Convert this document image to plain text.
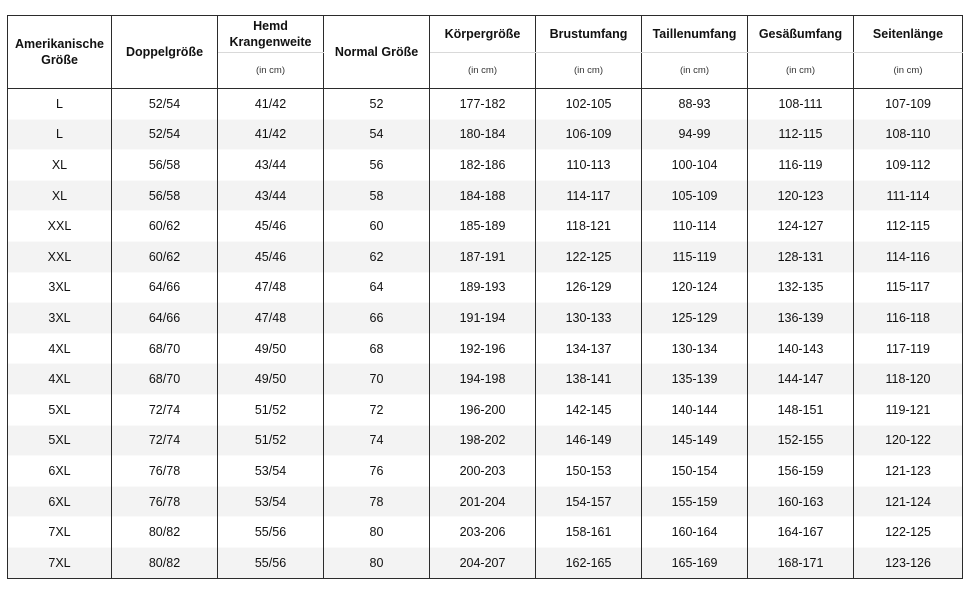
Amerikanische Größe	Doppelgröße	Hemd Krangenweite	Normal Größe	Körpergröße	Brustumfang	Taillenumfang	Gesäßumfang	Seitenlänge
		(in cm)		(in cm)	(in cm)	(in cm)	(in cm)	(in cm)
L	52/54	41/42	52	177-182	102-105	88-93	108-111	107-109
L	52/54	41/42	54	180-184	106-109	94-99	112-115	108-110
XL	56/58	43/44	56	182-186	110-113	100-104	116-119	109-112
XL	56/58	43/44	58	184-188	114-117	105-109	120-123	111-114
XXL	60/62	45/46	60	185-189	118-121	110-114	124-127	112-115
XXL	60/62	45/46	62	187-191	122-125	115-119	128-131	114-116
3XL	64/66	47/48	64	189-193	126-129	120-124	132-135	115-117
3XL	64/66	47/48	66	191-194	130-133	125-129	136-139	116-118
4XL	68/70	49/50	68	192-196	134-137	130-134	140-143	117-119
4XL	68/70	49/50	70	194-198	138-141	135-139	144-147	118-120
5XL	72/74	51/52	72	196-200	142-145	140-144	148-151	119-121
5XL	72/74	51/52	74	198-202	146-149	145-149	152-155	120-122
6XL	76/78	53/54	76	200-203	150-153	150-154	156-159	121-123
6XL	76/78	53/54	78	201-204	154-157	155-159	160-163	121-124
7XL	80/82	55/56	80	203-206	158-161	160-164	164-167	122-125
7XL	80/82	55/56	80	204-207	162-165	165-169	168-171	123-126
